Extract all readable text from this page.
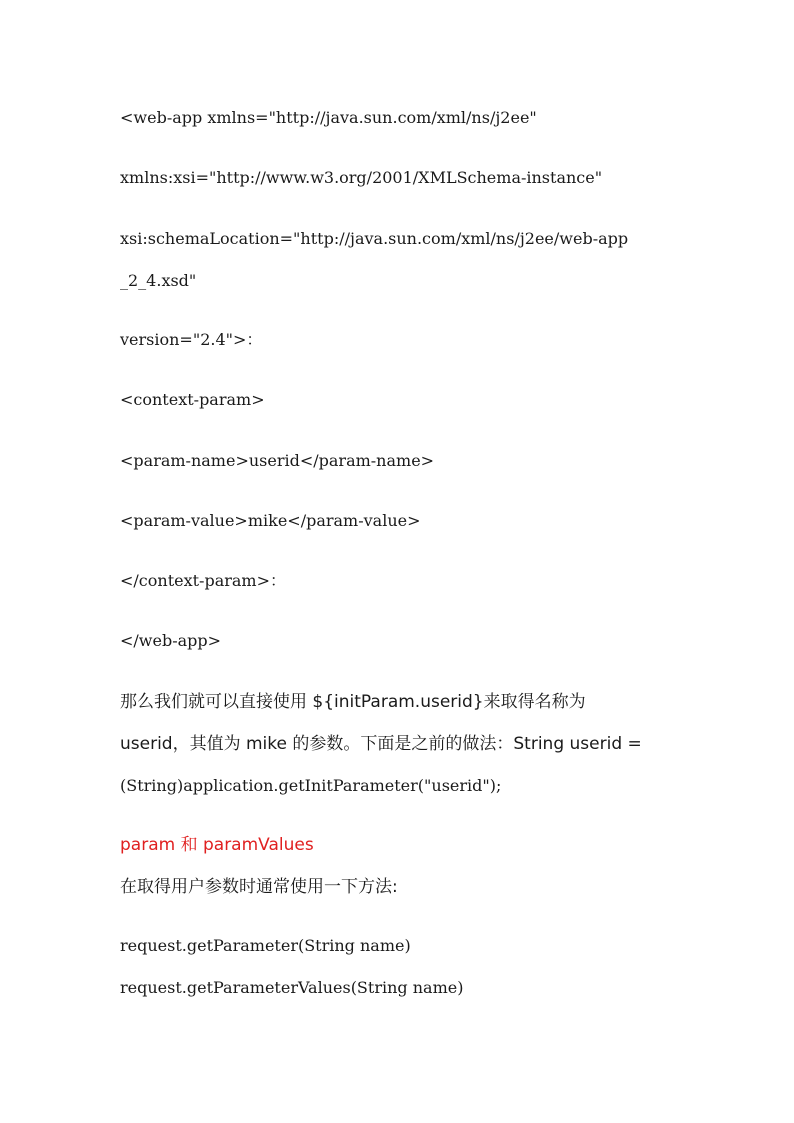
<web-app xmlns="http://java.sun.com/xml/ns/j2ee"
xmlns:xsi="http://www.w3.org/2001/XMLSchema-instance"
xsi:schemaLocation="http://java.sun.com/xml/ns/j2ee/web-app
_2_4.xsd"
version="2.4">：
<context-param>
<param-name>userid</param-name>
<param-value>mike</param-value>
</context-param>：
</web-app>
那么我们就可以直接使用 ${initParam.userid}来取得名称为
userid，其值为 mike 的参数。下面是之前的做法：String userid =
(String)application.getInitParameter("userid");
param 和 paramValues
在取得用户参数时通常使用一下方法:
request.getParameter(String name)
request.getParameterValues(String name)
